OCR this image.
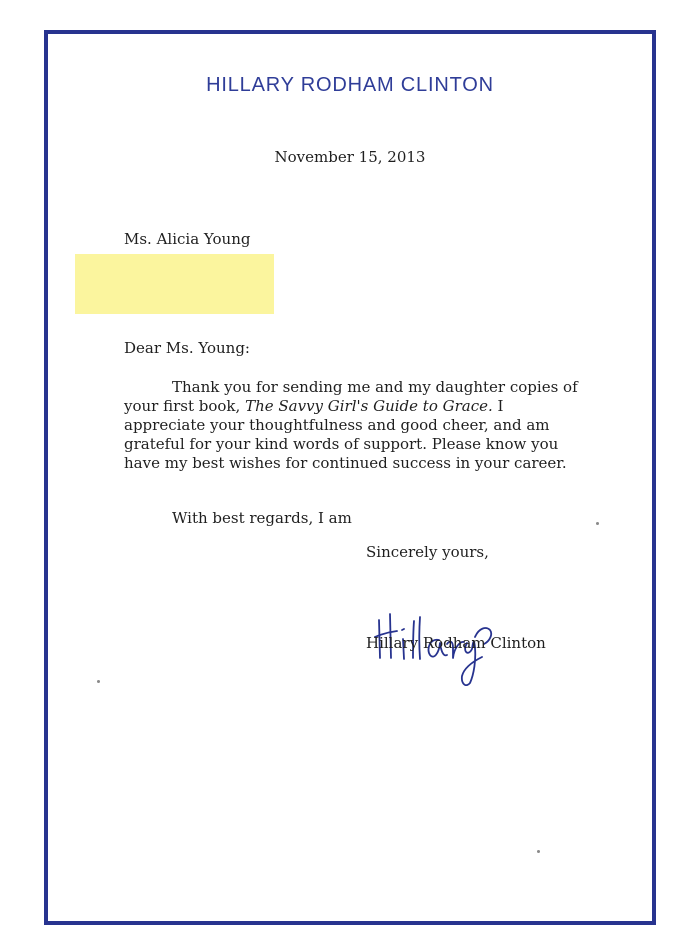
HILLARY RODHAM CLINTON
November 15, 2013
Ms. Alicia Young
Dear Ms. Young:
Thank you for sending me and my daughter copies of your first book, The Savvy Girl's Guide to Grace. I appreciate your thoughtfulness and good cheer, and am grateful for your kind words of support. Please know you have my best wishes for continued success in your career.
With best regards, I am
Sincerely yours,
Hillary Rodham Clinton
